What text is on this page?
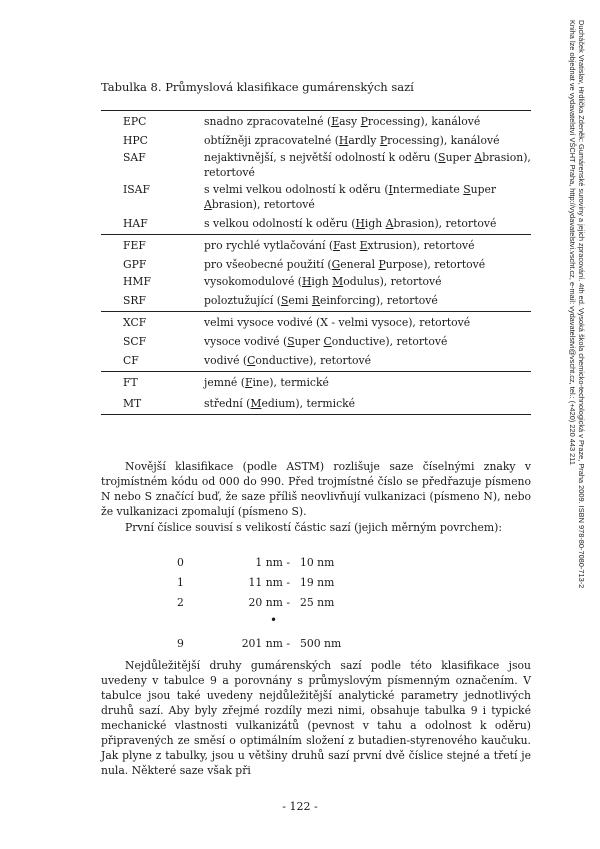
Ducháček Vratislav, Hrdlička Zdeněk: Gumárenské suroviny a jejich zpracování. 4th ed. Vysoká škola chemicko-technologická v Praze, Praha 2009. ISBN 978-80-7080-713-2
Kniha lze objednat ve vydavatelství VŠCHT Praha, http://vydavatelstvi.vscht.cz, e-mail: vydavatelstvi@vscht.cz, tel.: (+420) 220 443 211
Tabulka 8. Průmyslová klasifikace gumárenských sazí
EPC	snadno zpracovatelné (Easy Processing), kanálové
HPC	obtížněji zpracovatelné (Hardly Processing), kanálové
SAF	nejaktivnější, s největší odolností k oděru (Super Abrasion), retortové
ISAF	s velmi velkou odolností k oděru (Intermediate Super Abrasion), retortové
HAF	s velkou odolností k oděru (High Abrasion), retortové
FEF	pro rychlé vytlačování (Fast Extrusion), retortové
GPF	pro všeobecné použití (General Purpose), retortové
HMF	vysokomodulové (High Modulus), retortové
SRF	poloztužující (Semi Reinforcing), retortové
XCF	velmi vysoce vodivé (X - velmi vysoce), retortové
SCF	vysoce vodivé (Super Conductive), retortové
CF	vodivé (Conductive), retortové
FT	jemné (Fine), termické
MT	střední (Medium), termické
Novější klasifikace (podle ASTM) rozlišuje saze číselnými znaky v trojmístném kódu od 000 do 990. Před trojmístné číslo se předřazuje písmeno N nebo S značící buď, že saze příliš neovlivňují vulkanizaci (písmeno N), nebo že vulkanizaci zpomalují (písmeno S).
První číslice souvisí s velikostí částic sazí (jejich měrným povrchem):
0	1 nm - 10 nm
1	11 nm - 19 nm
2	20 nm - 25 nm
9	201 nm - 500 nm
•
Nejdůležitější druhy gumárenských sazí podle této klasifikace jsou uvedeny v tabulce 9 a porovnány s průmyslovým písmenným označením. V tabulce jsou také uvedeny nejdůležitější analytické parametry jednotlivých druhů sazí. Aby byly zřejmé rozdíly mezi nimi, obsahuje tabulka 9 i typické mechanické vlastnosti vulkanizátů (pevnost v tahu a odolnost k oděru) připravených ze směsí o optimálním složení z butadien-styrenového kaučuku. Jak plyne z tabulky, jsou u většiny druhů sazí první dvě číslice stejné a třetí je nula. Některé saze však při
- 122 -
